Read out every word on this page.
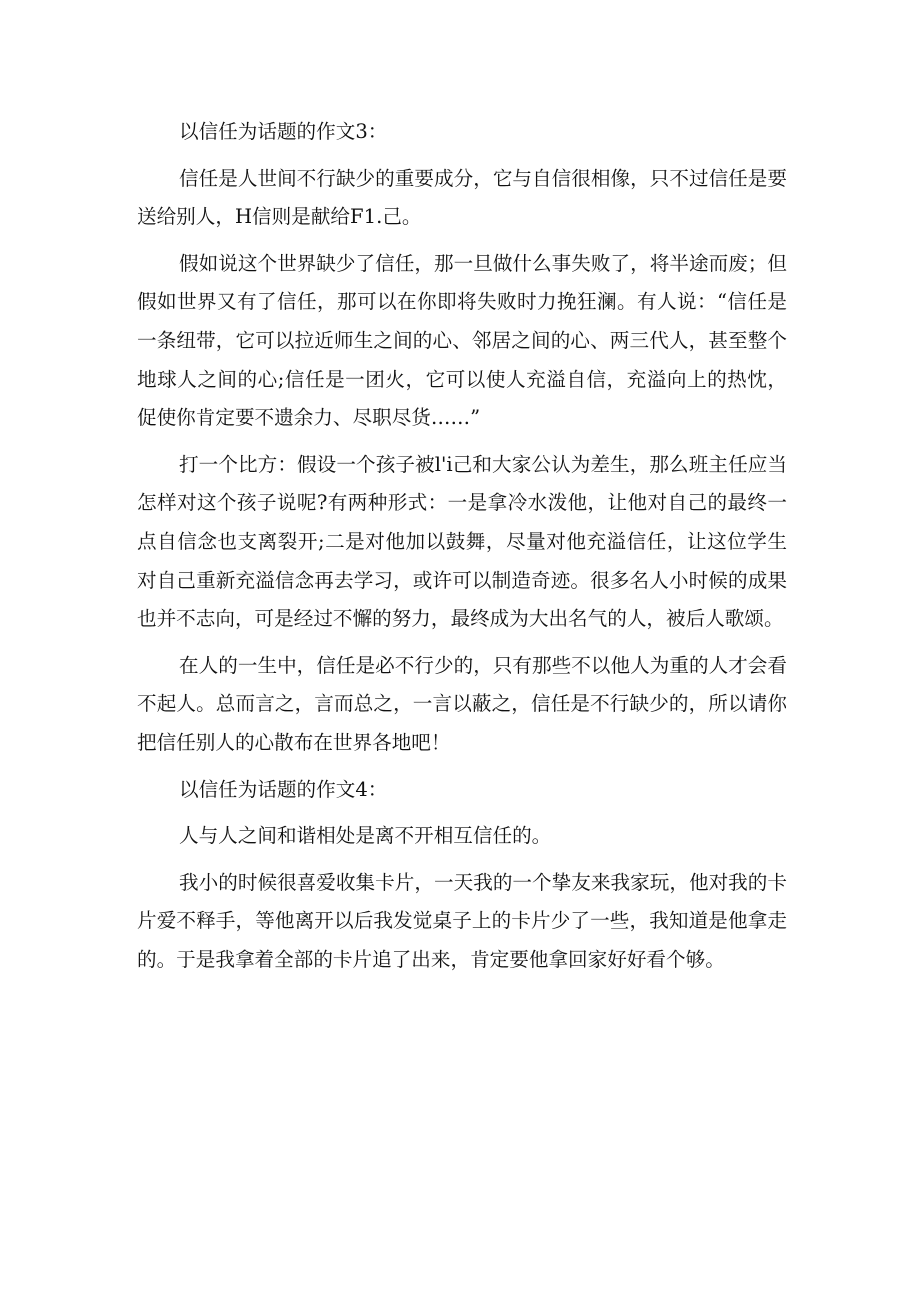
以信任为话题的作文3：

信任是人世间不行缺少的重要成分，它与自信很相像，只不过信任是要送给别人，H信则是献给F1.己。

假如说这个世界缺少了信任，那一旦做什么事失败了，将半途而废；但假如世界又有了信任，那可以在你即将失败时力挽狂澜。有人说：“信任是一条纽带，它可以拉近师生之间的心、邻居之间的心、两三代人，甚至整个地球人之间的心;信任是一团火，它可以使人充溢自信，充溢向上的热忱，促使你肯定要不遗余力、尽职尽货……”

打一个比方：假设一个孩子被l'i己和大家公认为差生，那么班主任应当怎样对这个孩子说呢?有两种形式：一是拿冷水泼他，让他对自己的最终一点自信念也支离裂开;二是对他加以鼓舞，尽量对他充溢信任，让这位学生对自己重新充溢信念再去学习，或许可以制造奇迹。很多名人小时候的成果也并不志向，可是经过不懈的努力，最终成为大出名气的人，被后人歌颂。

在人的一生中，信任是必不行少的，只有那些不以他人为重的人才会看不起人。总而言之，言而总之，一言以蔽之，信任是不行缺少的，所以请你把信任别人的心散布在世界各地吧！

以信任为话题的作文4：

人与人之间和谐相处是离不开相互信任的。

我小的时候很喜爱收集卡片，一天我的一个挚友来我家玩，他对我的卡片爱不释手，等他离开以后我发觉桌子上的卡片少了一些，我知道是他拿走的。于是我拿着全部的卡片追了出来，肯定要他拿回家好好看个够。
